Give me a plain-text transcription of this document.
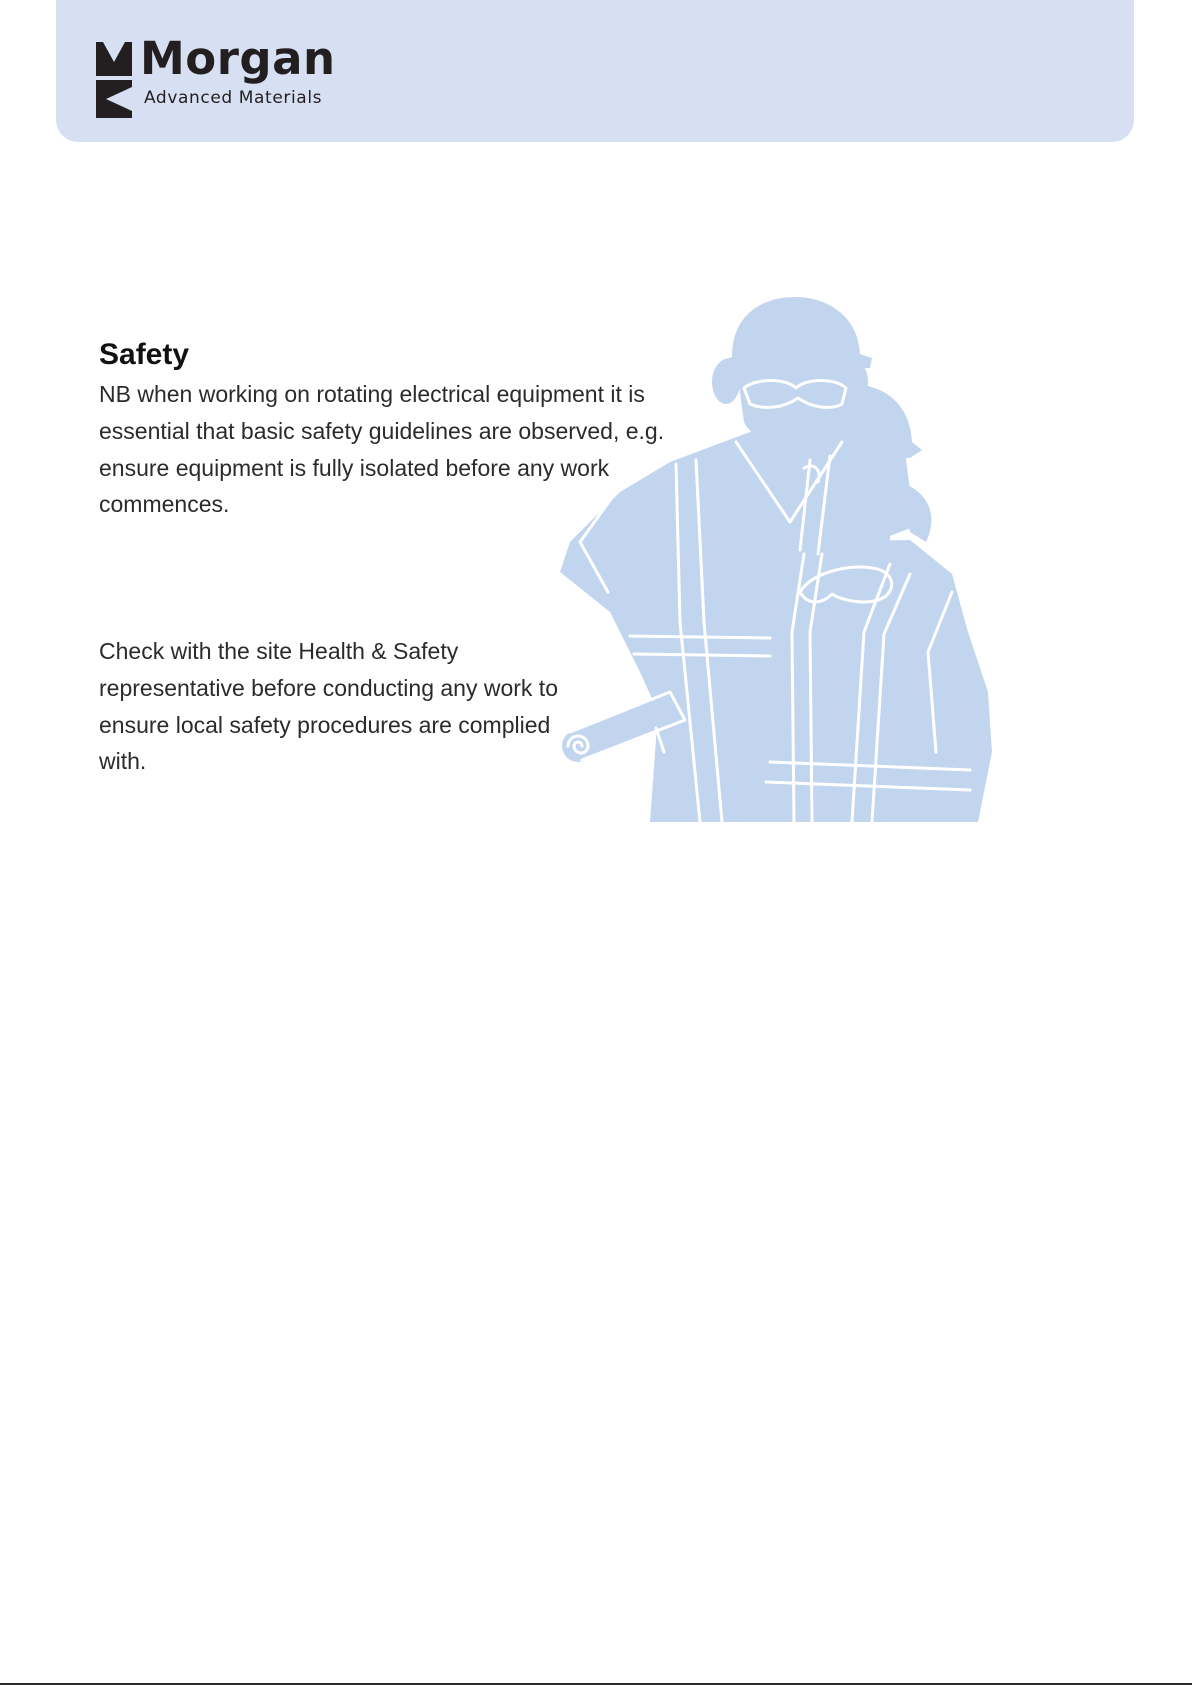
Morgan
Advanced Materials
Safety

NB when working on rotating electrical equipment it is essential that basic safety guidelines are observed, e.g. ensure equipment is fully isolated before any work commences.

Check with the site Health & Safety representative before conducting any work to ensure local safety procedures are complied with.
